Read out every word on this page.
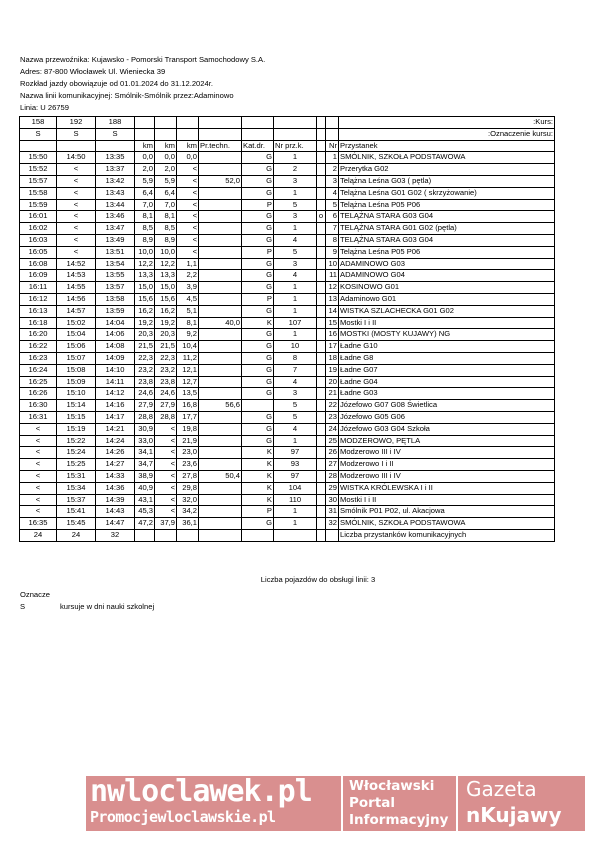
Nazwa przewoźnika: Kujawsko - Pomorski Transport Samochodowy S.A.
Adres: 87-800 Włocławek Ul. Wieniecka 39
Rozkład jazdy obowiązuje od 01.01.2024 do 31.12.2024r.
Nazwa linii komunikacyjnej: Smólnik-Smólnik przez:Adaminowo
Linia: U 26759
158	192	188									:Kurs:
S	S	S									:Oznaczenie kursu:
			km	km	km	Pr.techn.	Kat.dr.	Nr prz.k.		Nr	Przystanek
15:50	14:50	13:35	0,0	0,0	0,0		G	1		1	SMÓLNIK, SZKOŁA PODSTAWOWA
15:52	<	13:37	2,0	2,0	<		G	2		2	Przerytka G02
15:57	<	13:42	5,9	5,9	<	52,0	G	3		3	Telążna Leśna G03 ( pętla)
15:58	<	13:43	6,4	6,4	<		G	1		4	Telążna Leśna G01 G02 ( skrzyżowanie)
15:59	<	13:44	7,0	7,0	<		P	5		5	Telążna Leśna P05 P06
16:01	<	13:46	8,1	8,1	<		G	3	o	6	TELĄŻNA STARA G03 G04
16:02	<	13:47	8,5	8,5	<		G	1		7	TELĄŻNA STARA G01 G02 (pętla)
16:03	<	13:49	8,9	8,9	<		G	4		8	TELĄŻNA STARA G03 G04
16:05	<	13:51	10,0	10,0	<		P	5		9	Telążna Leśna P05 P06
16:08	14:52	13:54	12,2	12,2	1,1		G	3		10	ADAMINOWO G03
16:09	14:53	13:55	13,3	13,3	2,2		G	4		11	ADAMINOWO G04
16:11	14:55	13:57	15,0	15,0	3,9		G	1		12	KOSINOWO G01
16:12	14:56	13:58	15,6	15,6	4,5		P	1		13	Adaminowo G01
16:13	14:57	13:59	16,2	16,2	5,1		G	1		14	WISTKA SZLACHECKA G01 G02
16:18	15:02	14:04	19,2	19,2	8,1	40,0	K	107		15	Mostki I i II
16:20	15:04	14:06	20,3	20,3	9,2		G	1		16	MOSTKI (MOSTY KUJAWY) NG
16:22	15:06	14:08	21,5	21,5	10,4		G	10		17	Ładne G10
16:23	15:07	14:09	22,3	22,3	11,2		G	8		18	Ładne G8
16:24	15:08	14:10	23,2	23,2	12,1		G	7		19	Ładne G07
16:25	15:09	14:11	23,8	23,8	12,7		G	4		20	Ładne G04
16:26	15:10	14:12	24,6	24,6	13,5		G	3		21	Ładne G03
16:30	15:14	14:16	27,9	27,9	16,8	56,6		5		22	Józefowo G07 G08 Świetlica
16:31	15:15	14:17	28,8	28,8	17,7		G	5		23	Józefowo G05 G06
<	15:19	14:21	30,9	<	19,8		G	4		24	Józefowo G03 G04 Szkoła
<	15:22	14:24	33,0	<	21,9		G	1		25	MODZEROWO, PĘTLA
<	15:24	14:26	34,1	<	23,0		K	97		26	Modzerowo III i IV
<	15:25	14:27	34,7	<	23,6		K	93		27	Modzerowo I i II
<	15:31	14:33	38,9	<	27,8	50,4	K	97		28	Modzerowo III i IV
<	15:34	14:36	40,9	<	29,8		K	104		29	WISTKA KRÓLEWSKA I i II
<	15:37	14:39	43,1	<	32,0		K	110		30	Mostki I i II
<	15:41	14:43	45,3	<	34,2		P	1		31	Smólnik P01 P02, ul. Akacjowa
16:35	15:45	14:47	47,2	37,9	36,1		G	1		32	SMÓLNIK, SZKOŁA PODSTAWOWA
24	24	32									Liczba przystanków komunikacyjnych
Liczba pojazdów do obsługi linii: 3
Oznacze
S	kursuje w dni nauki szkolnej
nwloclawek.pl
Promocjewloclawskie.pl
Włocławski
Portal
Informacyjny
Gazeta
nKujawy
